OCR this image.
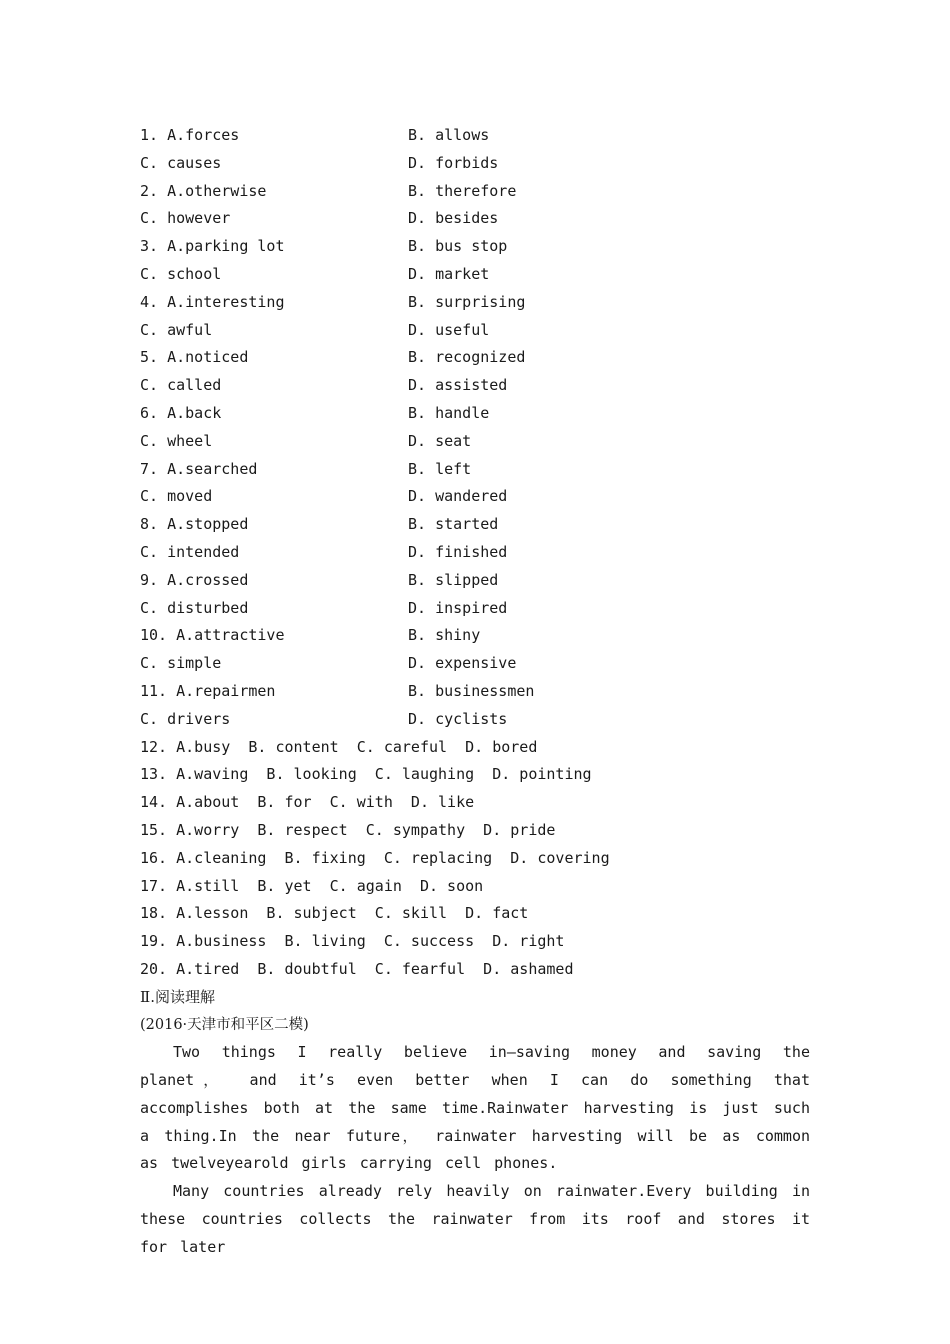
1. A.forces	B. allows
C. causes	D. forbids
2. A.otherwise	B. therefore
C. however	D. besides
3. A.parking lot	B. bus stop
C. school	D. market
4. A.interesting	B. surprising
C. awful	D. useful
5. A.noticed	B. recognized
C. called	D. assisted
6. A.back	B. handle
C. wheel	D. seat
7. A.searched	B. left
C. moved	D. wandered
8. A.stopped	B. started
C. intended	D. finished
9. A.crossed	B. slipped
C. disturbed	D. inspired
10. A.attractive	B. shiny
C. simple	D. expensive
11. A.repairmen	B. businessmen
C. drivers	D. cyclists
12. A.busy  B. content  C. careful  D. bored
13. A.waving  B. looking  C. laughing  D. pointing
14. A.about  B. for  C. with  D. like
15. A.worry  B. respect  C. sympathy  D. pride
16. A.cleaning  B. fixing  C. replacing  D. covering
17. A.still  B. yet  C. again  D. soon
18. A.lesson  B. subject  C. skill  D. fact
19. A.business  B. living  C. success  D. right
20. A.tired  B. doubtful  C. fearful  D. ashamed
Ⅱ.阅读理解
(2016·天津市和平区二模)

Two things I really believe in—saving money and saving the planet， and it’s even better when I can do something that accomplishes both at the same time.Rainwater harvesting is just such a thing.In the near future， rainwater harvesting will be as common as twelveyearold girls carrying cell phones.

Many countries already rely heavily on rainwater.Every building in these countries collects the rainwater from its roof and stores it for later
